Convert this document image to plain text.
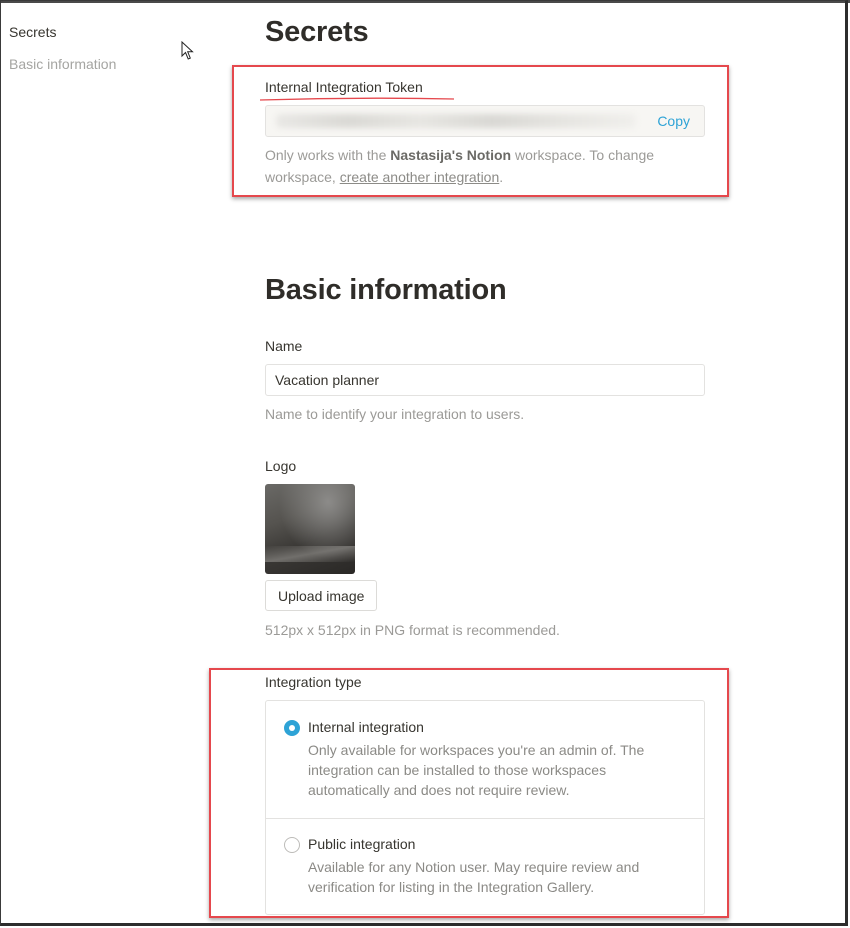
Secrets
Basic information
Secrets
Internal Integration Token
Copy
Only works with the Nastasija's Notion workspace. To change workspace, create another integration.
Basic information
Name
Vacation planner
Name to identify your integration to users.
Logo
Upload image
512px x 512px in PNG format is recommended.
Integration type
Internal integration
Only available for workspaces you're an admin of. The integration can be installed to those workspaces automatically and does not require review.
Public integration
Available for any Notion user. May require review and verification for listing in the Integration Gallery.
